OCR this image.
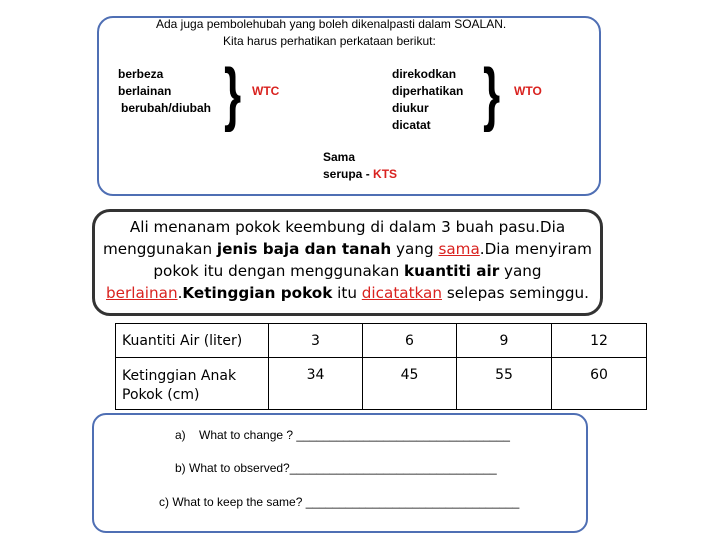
Ada juga pembolehubah yang boleh dikenalpasti dalam SOALAN.
Kita harus perhatikan perkataan berikut:
berbeza
berlainan
berubah/diubah } WTC
direkodkan
diperhatikan
diukur
dicatat } WTO
Sama
serupa - KTS
Ali menanam pokok keembung di dalam 3 buah pasu.Dia
menggunakan jenis baja dan tanah yang sama.Dia menyiram
pokok itu dengan menggunakan kuantiti air yang
berlainan.Ketinggian pokok itu dicatatkan selepas seminggu.
Kuantiti Air (liter)	3	6	9	12

Ketinggian Anak
Pokok (cm)	34	45	55	60
a) What to change ? ________________________________
b) What to observed?_______________________________
c) What to keep the same? ________________________________
